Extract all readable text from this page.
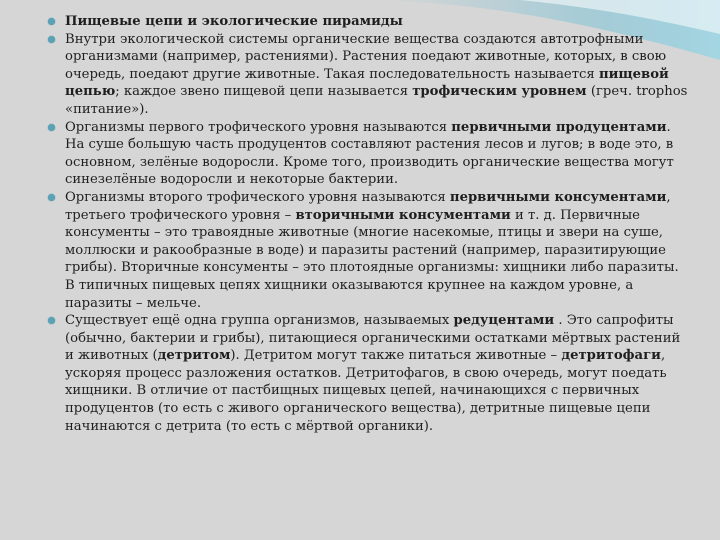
Пищевые цепи и экологические пирамиды

Внутри экологической системы органические вещества создаются автотрофными организмами (например, растениями). Растения поедают животные, которых, в свою очередь, поедают другие животные. Такая последовательность называется пищевой цепью; каждое звено пищевой цепи называется трофическим уровнем (греч. trophos «питание»).

Организмы первого трофического уровня называются первичными продуцентами. На суше большую часть продуцентов составляют растения лесов и лугов; в воде это, в основном, зелёные водоросли. Кроме того, производить органические вещества могут синезелёные водоросли и некоторые бактерии.

Организмы второго трофического уровня называются первичными консументами, третьего трофического уровня – вторичными консументами и т. д. Первичные консументы – это травоядные животные (многие насекомые, птицы и звери на суше, моллюски и ракообразные в воде) и паразиты растений (например, паразитирующие грибы). Вторичные консументы – это плотоядные организмы: хищники либо паразиты. В типичных пищевых цепях хищники оказываются крупнее на каждом уровне, а паразиты – мельче.

Существует ещё одна группа организмов, называемых редуцентами . Это сапрофиты (обычно, бактерии и грибы), питающиеся органическими остатками мёртвых растений и животных (детритом). Детритом могут также питаться животные – детритофаги, ускоряя процесс разложения остатков. Детритофагов, в свою очередь, могут поедать хищники. В отличие от пастбищных пищевых цепей, начинающихся с первичных продуцентов (то есть с живого органического вещества), детритные пищевые цепи начинаются с детрита (то есть с мёртвой органики).
